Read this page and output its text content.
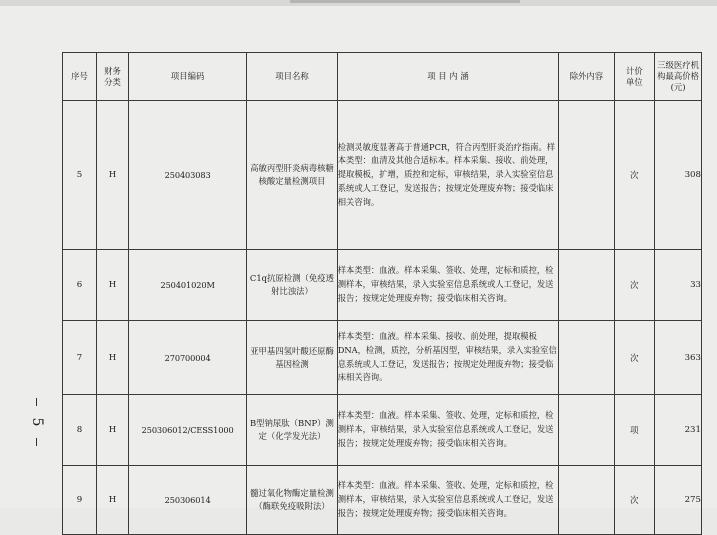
序号	财务分类	项目编码	项目名称	项 目 内 涵	除外内容	计价单位	三级医疗机构最高价格(元)
5	H	250403083	高敏丙型肝炎病毒核糖核酸定量检测项目	检测灵敏度显著高于普通PCR，符合丙型肝炎治疗指南。样本类型：血清及其他合适标本。样本采集、接收、前处理，提取模板，扩增，质控和定标，审核结果，录入实验室信息系统或人工登记，发送报告；按规定处理废弃物；接受临床相关咨询。		次	308
6	H	250401020M	C1q抗原检测（免疫透射比浊法）	样本类型：血液。样本采集、签收、处理，定标和质控，检测样本，审核结果，录入实验室信息系统或人工登记，发送报告；按规定处理废弃物；接受临床相关咨询。		次	33
7	H	270700004	亚甲基四氢叶酸还原酶基因检测	样本类型：血液。样本采集、接收、前处理，提取模板DNA，检测，质控，分析基因型，审核结果，录入实验室信息系统或人工登记，发送报告；按规定处理废弃物；接受临床相关咨询。		次	363
8	H	250306012/CESS1000	B型钠尿肽（BNP）测定（化学发光法）	样本类型：血液。样本采集、签收、处理，定标和质控，检测样本，审核结果，录入实验室信息系统或人工登记，发送报告；按规定处理废弃物；接受临床相关咨询。		项	231
9	H	250306014	髓过氧化物酶定量检测（酶联免疫吸附法）	样本类型：血液。样本采集、签收、处理，定标和质控，检测样本，审核结果，录入实验室信息系统或人工登记，发送报告；按规定处理废弃物；接受临床相关咨询。		次	275
5
